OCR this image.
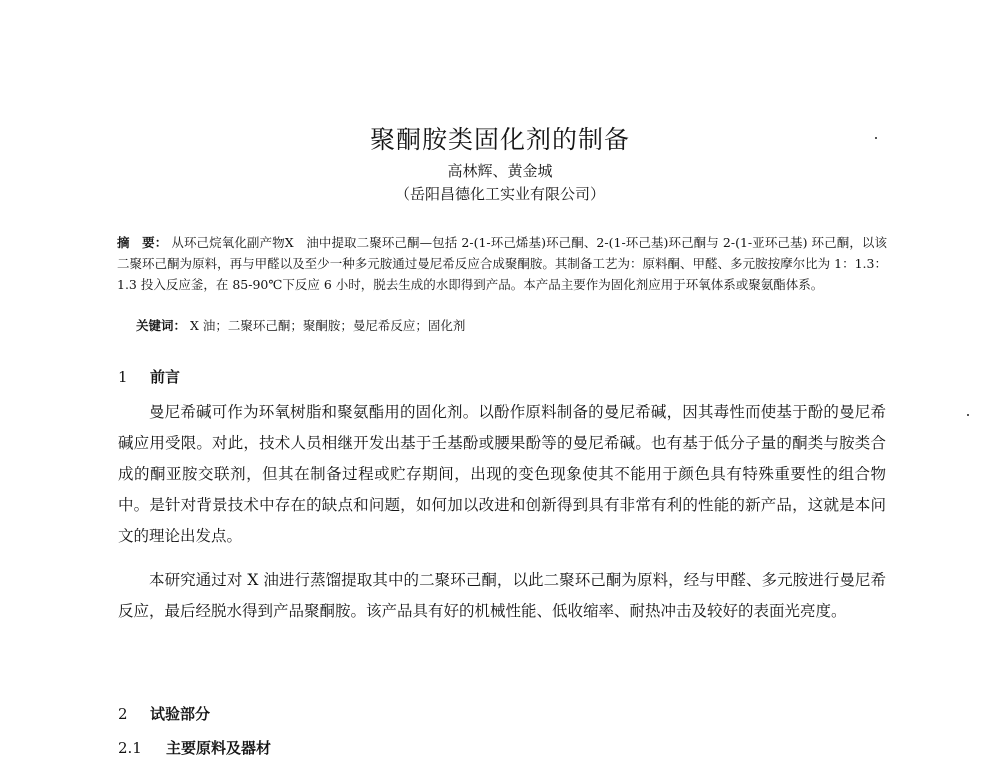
聚酮胺类固化剂的制备
高林辉、黄金城
（岳阳昌德化工实业有限公司）
摘　要： 从环己烷氧化副产物X　油中提取二聚环己酮—包括 2-(1-环己烯基)环己酮、2-(1-环己基)环己酮与 2-(1-亚环己基) 环己酮，以该二聚环己酮为原料，再与甲醛以及至少一种多元胺通过曼尼希反应合成聚酮胺。其制备工艺为：原料酮、甲醛、多元胺按摩尔比为 1：1.3：1.3 投入反应釜，在 85-90℃下反应 6 小时，脱去生成的水即得到产品。本产品主要作为固化剂应用于环氧体系或聚氨酯体系。
关键词： X 油；二聚环己酮；聚酮胺；曼尼希反应；固化剂
1 前言

曼尼希碱可作为环氧树脂和聚氨酯用的固化剂。以酚作原料制备的曼尼希碱，因其毒性而使基于酚的曼尼希碱应用受限。对此，技术人员相继开发出基于壬基酚或腰果酚等的曼尼希碱。也有基于低分子量的酮类与胺类合成的酮亚胺交联剂，但其在制备过程或贮存期间，出现的变色现象使其不能用于颜色具有特殊重要性的组合物中。是针对背景技术中存在的缺点和问题，如何加以改进和创新得到具有非常有利的性能的新产品，这就是本问文的理论出发点。

本研究通过对 X 油进行蒸馏提取其中的二聚环己酮，以此二聚环己酮为原料，经与甲醛、多元胺进行曼尼希反应，最后经脱水得到产品聚酮胺。该产品具有好的机械性能、低收缩率、耐热冲击及较好的表面光亮度。

2 试验部分
2.1 主要原料及器材
